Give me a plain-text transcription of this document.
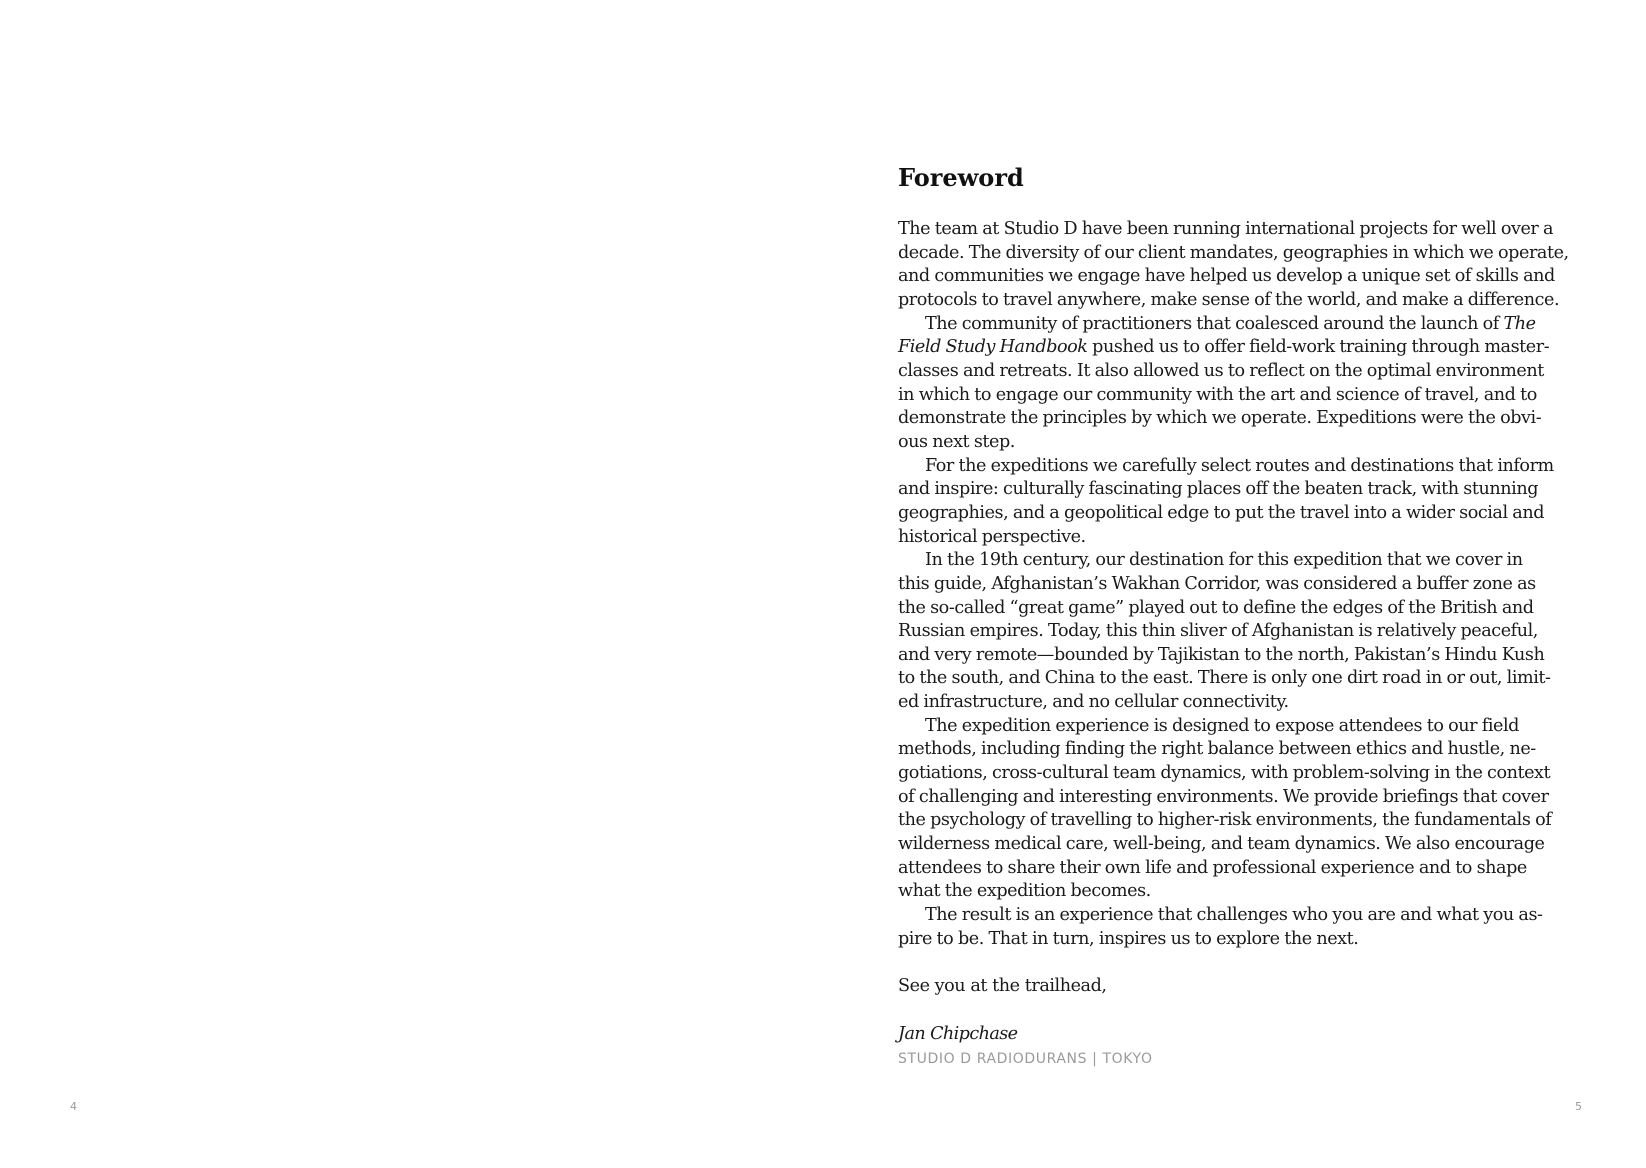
4
Foreword
The team at Studio D have been running international projects for well over a
decade. The diversity of our client mandates, geographies in which we operate,
and communities we engage have helped us develop a unique set of skills and
protocols to travel anywhere, make sense of the world, and make a difference.
The community of practitioners that coalesced around the launch of The
Field Study Handbook pushed us to offer field-work training through master-
classes and retreats. It also allowed us to reflect on the optimal environment
in which to engage our community with the art and science of travel, and to
demonstrate the principles by which we operate. Expeditions were the obvi-
ous next step.
For the expeditions we carefully select routes and destinations that inform
and inspire: culturally fascinating places off the beaten track, with stunning
geographies, and a geopolitical edge to put the travel into a wider social and
historical perspective.
In the 19th century, our destination for this expedition that we cover in
this guide, Afghanistan’s Wakhan Corridor, was considered a buffer zone as
the so-called “great game” played out to define the edges of the British and
Russian empires. Today, this thin sliver of Afghanistan is relatively peaceful,
and very remote—bounded by Tajikistan to the north, Pakistan’s Hindu Kush
to the south, and China to the east. There is only one dirt road in or out, limit-
ed infrastructure, and no cellular connectivity.
The expedition experience is designed to expose attendees to our field
methods, including finding the right balance between ethics and hustle, ne-
gotiations, cross-cultural team dynamics, with problem-solving in the context
of challenging and interesting environments. We provide briefings that cover
the psychology of travelling to higher-risk environments, the fundamentals of
wilderness medical care, well-being, and team dynamics. We also encourage
attendees to share their own life and professional experience and to shape
what the expedition becomes.
The result is an experience that challenges who you are and what you as-
pire to be. That in turn, inspires us to explore the next.
See you at the trailhead,
Jan Chipchase
STUDIO D RADIODURANS | TOKYO
5
